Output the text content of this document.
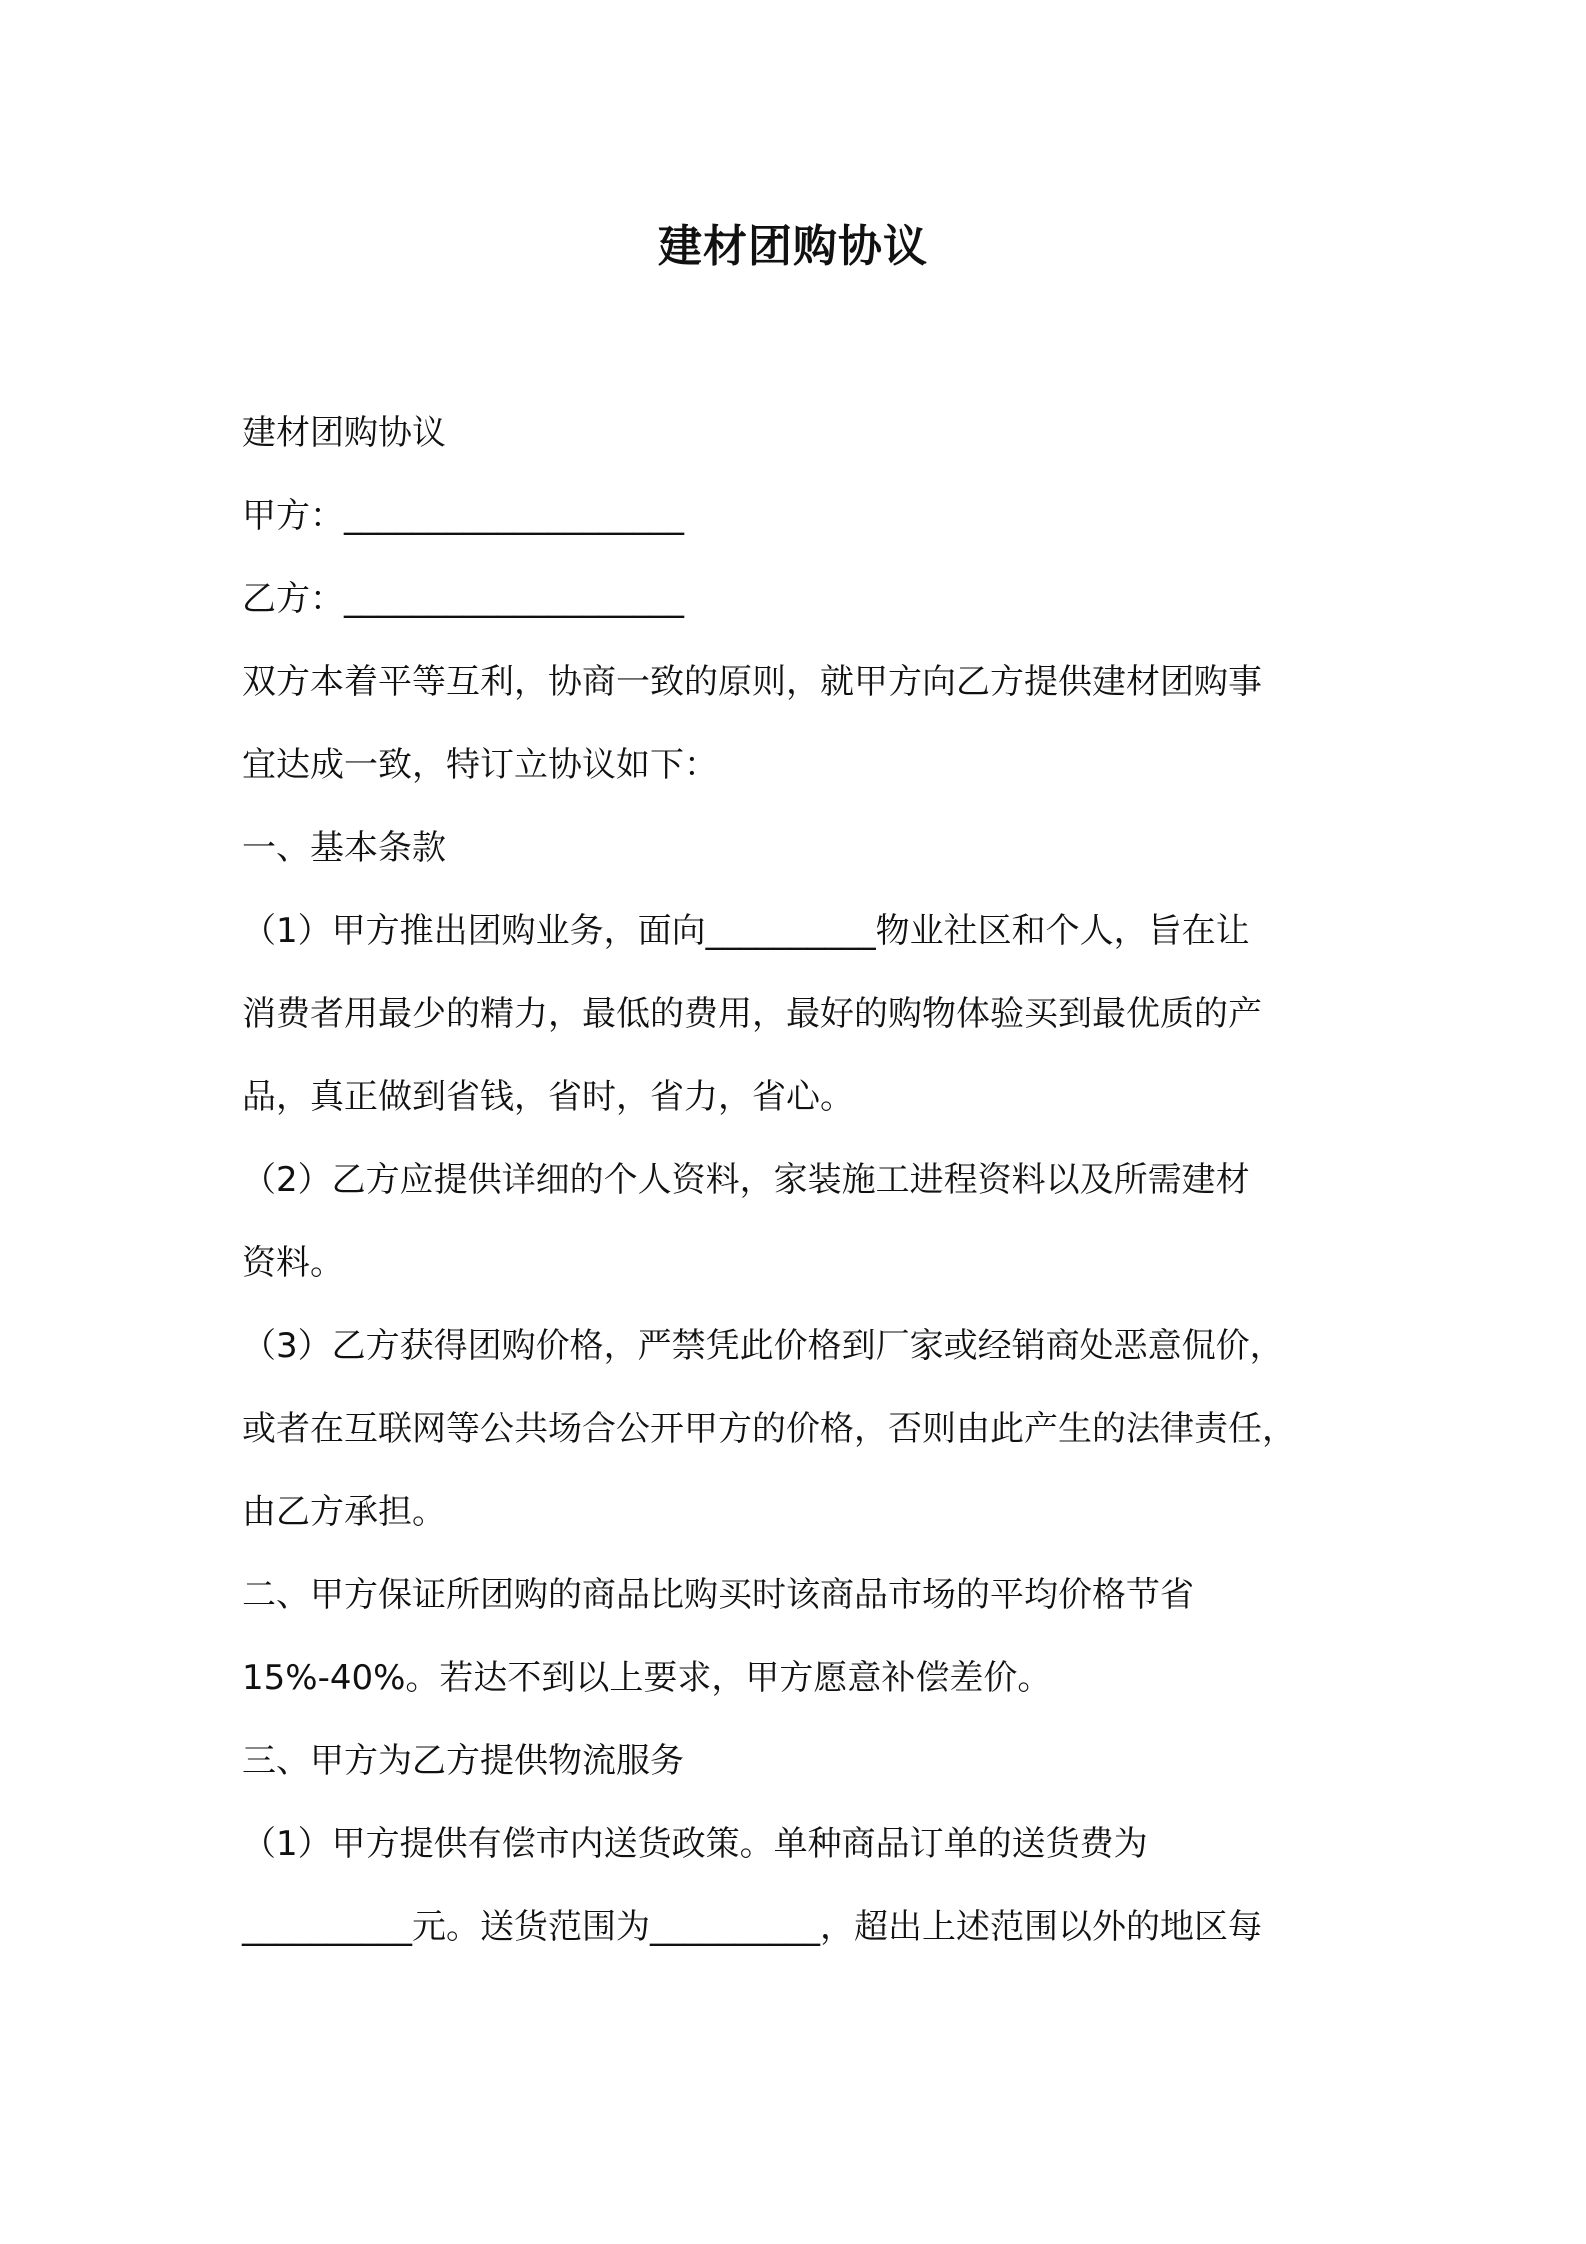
建材团购协议
建材团购协议
甲方：____________________
乙方：____________________
双方本着平等互利，协商一致的原则，就甲方向乙方提供建材团购事
宜达成一致，特订立协议如下：
一、基本条款
（1）甲方推出团购业务，面向__________物业社区和个人，旨在让
消费者用最少的精力，最低的费用，最好的购物体验买到最优质的产
品，真正做到省钱，省时，省力，省心。
（2）乙方应提供详细的个人资料，家装施工进程资料以及所需建材
资料。
（3）乙方获得团购价格，严禁凭此价格到厂家或经销商处恶意侃价，
或者在互联网等公共场合公开甲方的价格，否则由此产生的法律责任，
由乙方承担。
二、甲方保证所团购的商品比购买时该商品市场的平均价格节省
15%-40%。若达不到以上要求，甲方愿意补偿差价。
三、甲方为乙方提供物流服务
（1）甲方提供有偿市内送货政策。单种商品订单的送货费为
__________元。送货范围为__________，超出上述范围以外的地区每
